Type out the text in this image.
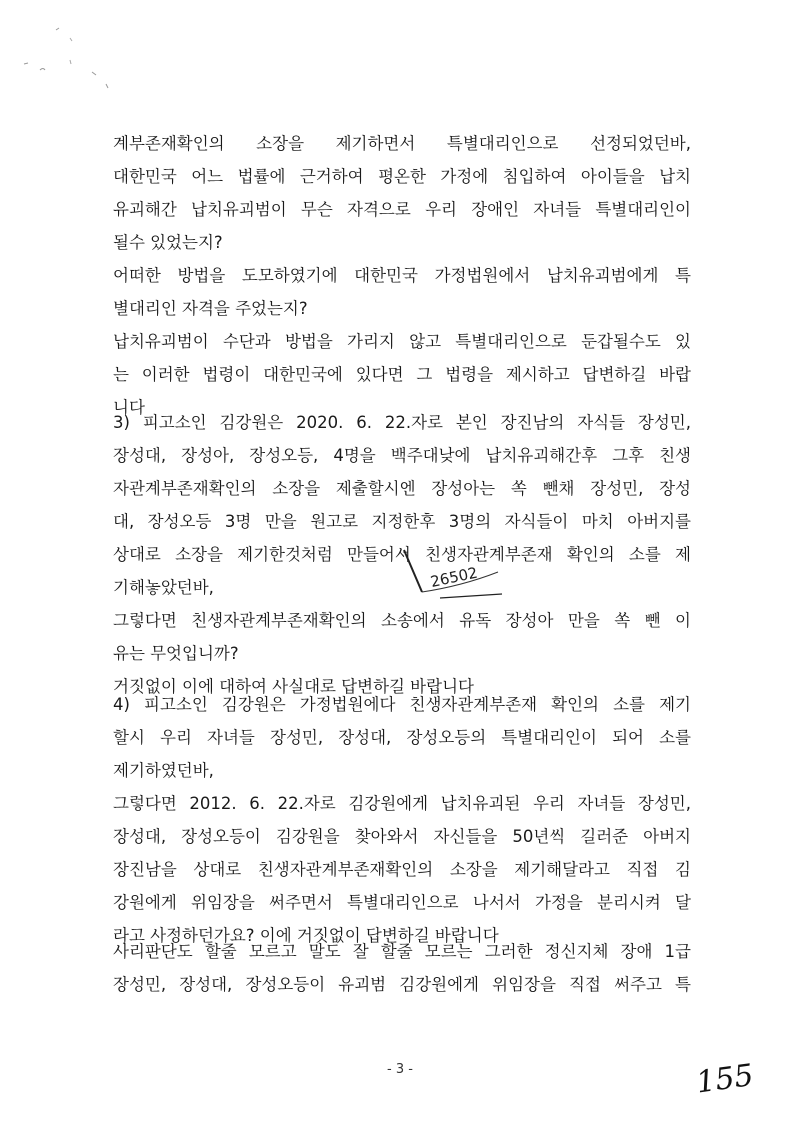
계부존재확인의 소장을 제기하면서 특별대리인으로 선정되었던바,
대한민국 어느 법률에 근거하여 평온한 가정에 침입하여 아이들을 납치
유괴해간 납치유괴범이 무슨 자격으로 우리 장애인 자녀들 특별대리인이
될수 있었는지?
어떠한 방법을 도모하였기에 대한민국 가정법원에서 납치유괴범에게 특
별대리인 자격을 주었는지?
납치유괴범이 수단과 방법을 가리지 않고 특별대리인으로 둔갑될수도 있
는 이러한 법령이 대한민국에 있다면 그 법령을 제시하고 답변하길 바랍
니다
3) 피고소인 김강원은 2020. 6. 22.자로 본인 장진남의 자식들 장성민,
장성대, 장성아, 장성오등, 4명을 백주대낮에 납치유괴해간후 그후 친생
자관계부존재확인의 소장을 제출할시엔 장성아는 쏙 뺀채 장성민, 장성
대, 장성오등 3명 만을 원고로 지정한후 3명의 자식들이 마치 아버지를
상대로 소장을 제기한것처럼 만들어서 친생자관계부존재 확인의 소를 제
기해놓았던바,
그렇다면 친생자관계부존재확인의 소송에서 유독 장성아 만을 쏙 뺀 이
유는 무엇입니까?
거짓없이 이에 대하여 사실대로 답변하길 바랍니다
4) 피고소인 김강원은 가정법원에다 친생자관계부존재 확인의 소를 제기
할시 우리 자녀들 장성민, 장성대, 장성오등의 특별대리인이 되어 소를
제기하였던바,
그렇다면 2012. 6. 22.자로 김강원에게 납치유괴된 우리 자녀들 장성민,
장성대, 장성오등이 김강원을 찾아와서 자신들을 50년씩 길러준 아버지
장진남을 상대로 친생자관계부존재확인의 소장을 제기해달라고 직접 김
강원에게 위임장을 써주면서 특별대리인으로 나서서 가정을 분리시켜 달
라고 사정하던가요? 이에 거짓없이 답변하길 바랍니다
사리판단도 할줄 모르고 말도 잘 할줄 모르는 그러한 정신지체 장애 1급
장성민, 장성대, 장성오등이 유괴범 김강원에게 위임장을 직접 써주고 특
26502
- 3 -	155
